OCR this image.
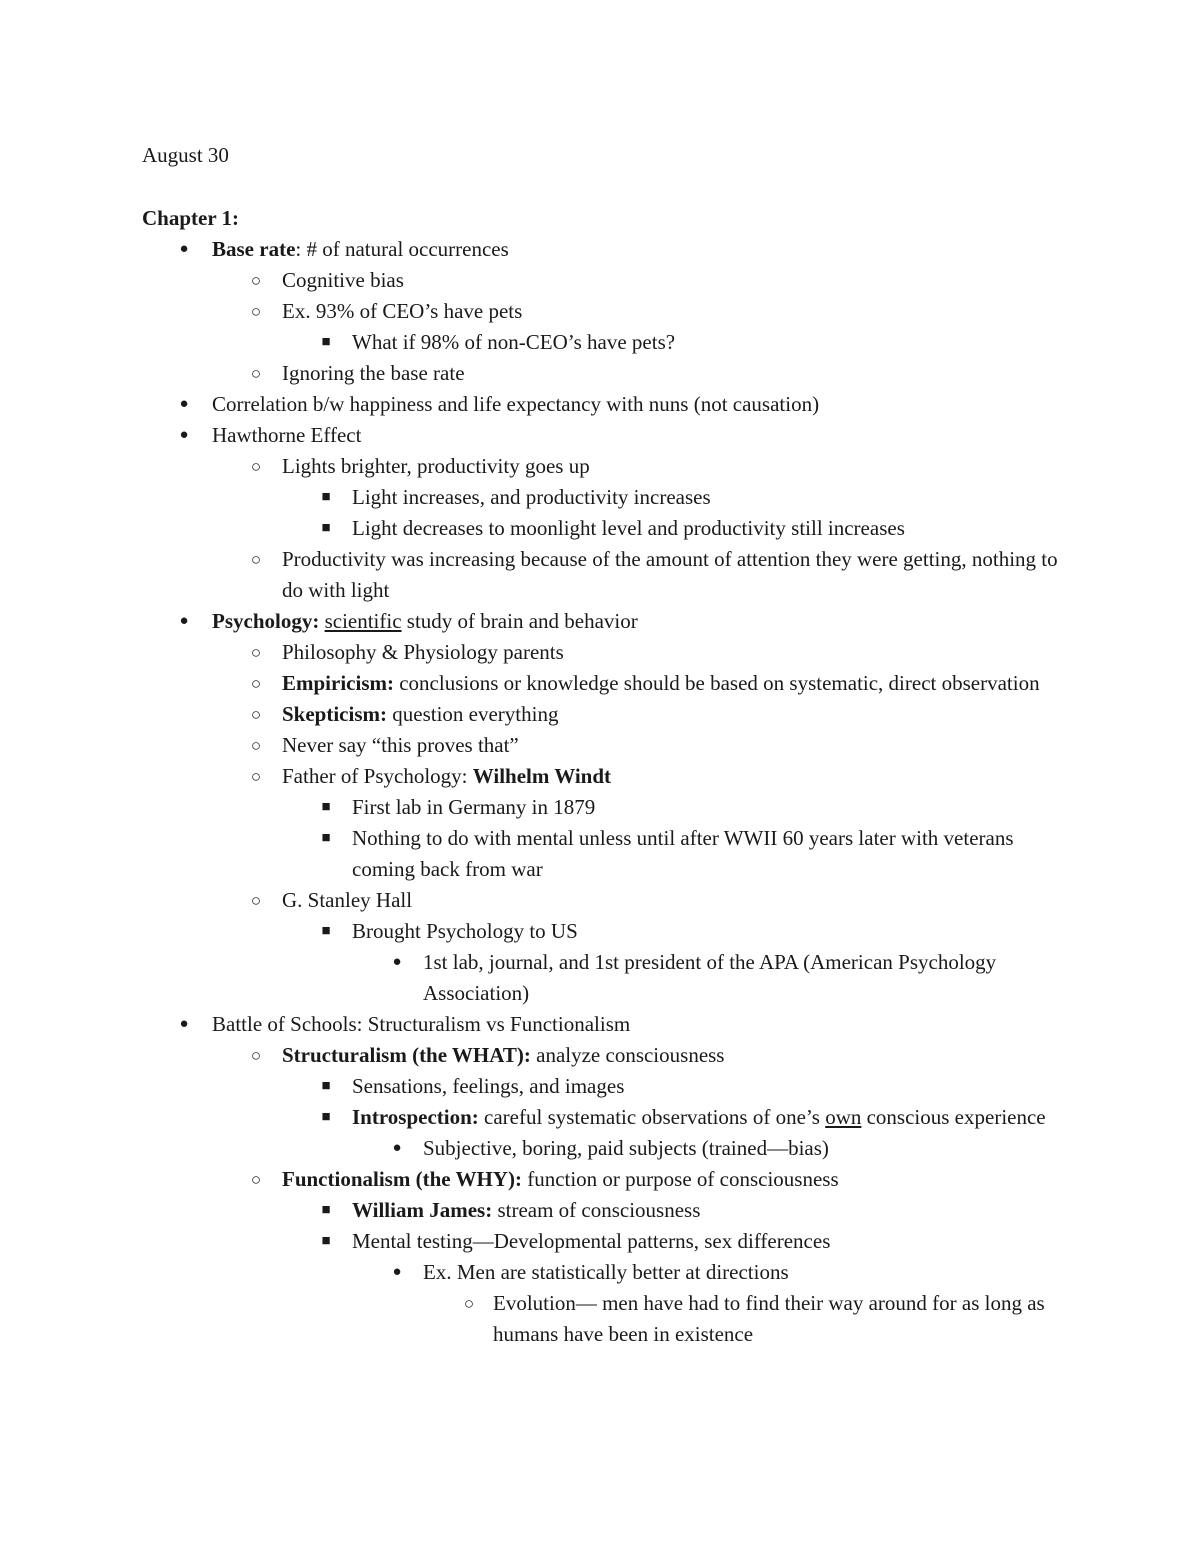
August 30
Chapter 1:
●	Base rate: # of natural occurrences
○ Cognitive bias
○ Ex. 93% of CEO’s have pets
■	What if 98% of non-CEO’s have pets?
○ Ignoring the base rate
●	Correlation b/w happiness and life expectancy with nuns (not causation)
●	Hawthorne Effect
○ Lights brighter, productivity goes up
■	Light increases, and productivity increases
■	Light decreases to moonlight level and productivity still increases
○ Productivity was increasing because of the amount of attention they were getting, nothing to do with light
●	Psychology: scientific study of brain and behavior
○ Philosophy & Physiology parents
○ Empiricism: conclusions or knowledge should be based on systematic, direct observation
○ Skepticism: question everything
○ Never say “this proves that”
○ Father of Psychology: Wilhelm Windt
■	First lab in Germany in 1879
■	Nothing to do with mental unless until after WWII 60 years later with veterans coming back from war
○ G. Stanley Hall
■	Brought Psychology to US
●	1st lab, journal, and 1st president of the APA (American Psychology Association)
●	Battle of Schools: Structuralism vs Functionalism
○ Structuralism (the WHAT): analyze consciousness
■	Sensations, feelings, and images
■	Introspection: careful systematic observations of one’s own conscious experience
●	Subjective, boring, paid subjects (trained—bias)
○ Functionalism (the WHY): function or purpose of consciousness
■	William James: stream of consciousness
■	Mental testing—Developmental patterns, sex differences
●	Ex. Men are statistically better at directions
○ Evolution— men have had to find their way around for as long as humans have been in existence
